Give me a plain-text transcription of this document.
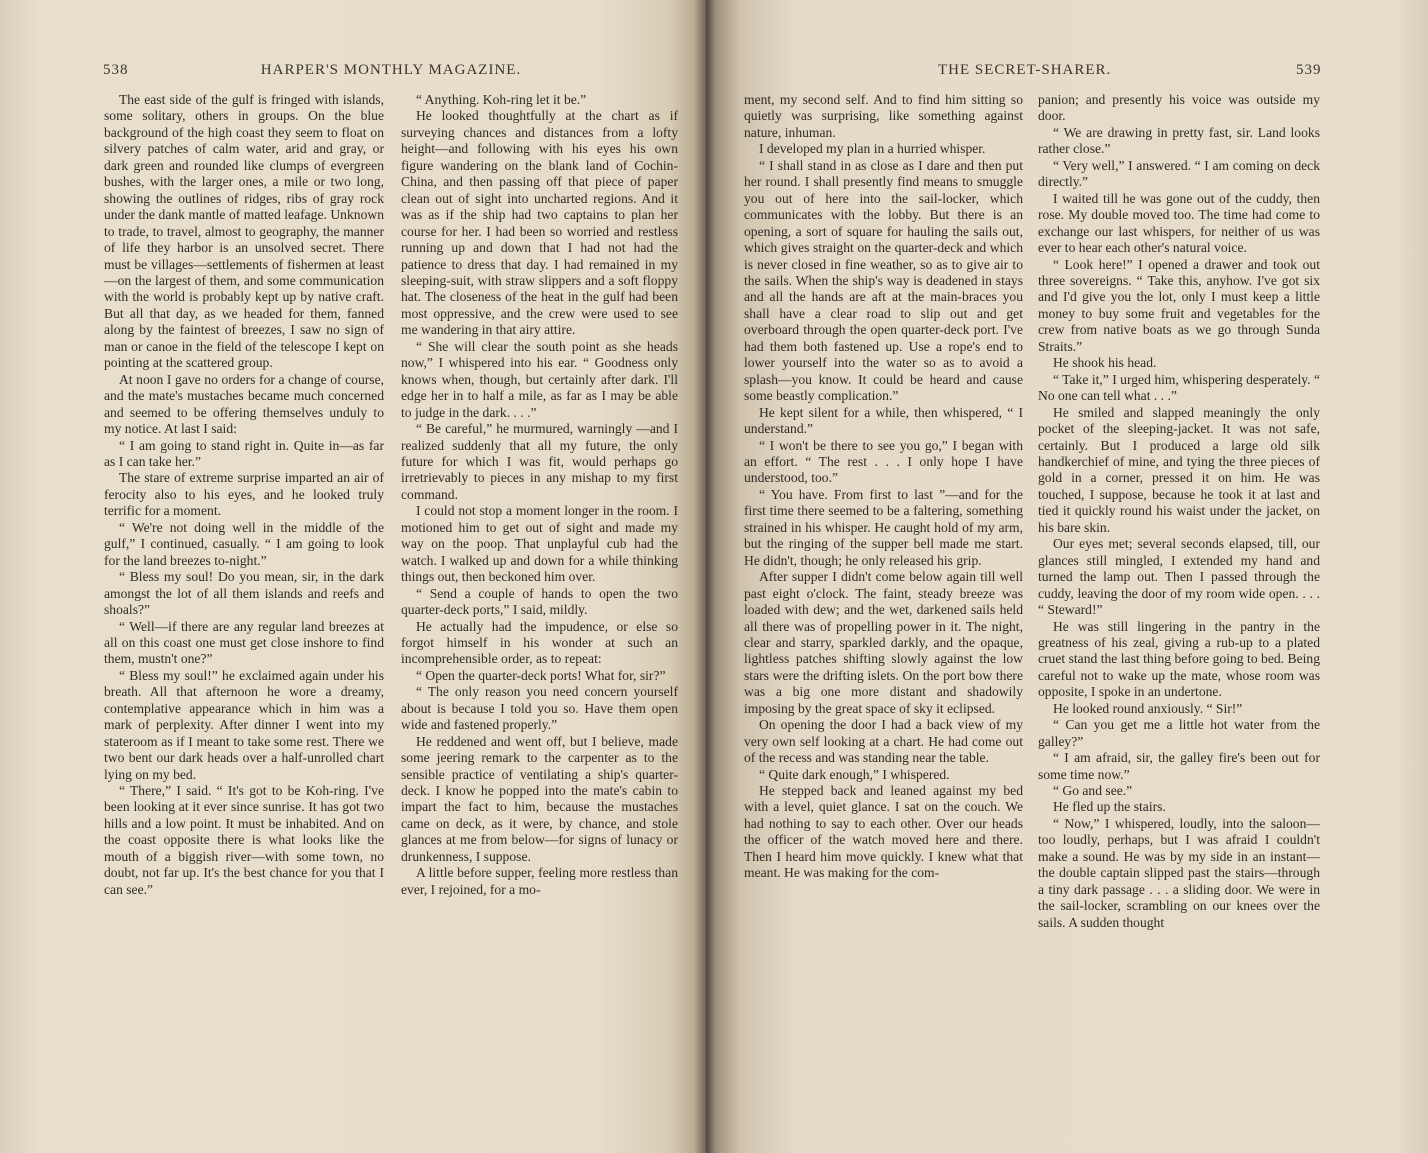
538	HARPER'S MONTHLY MAGAZINE.

The east side of the gulf is fringed with islands, some solitary, others in groups. On the blue background of the high coast they seem to float on silvery patches of calm water, arid and gray, or dark green and rounded like clumps of evergreen bushes, with the larger ones, a mile or two long, showing the outlines of ridges, ribs of gray rock under the dank mantle of matted leafage. Unknown to trade, to travel, almost to geography, the manner of life they harbor is an unsolved secret. There must be villages—settlements of fishermen at least—on the largest of them, and some communication with the world is probably kept up by native craft. But all that day, as we headed for them, fanned along by the faintest of breezes, I saw no sign of man or canoe in the field of the telescope I kept on pointing at the scattered group.

At noon I gave no orders for a change of course, and the mate's mustaches became much concerned and seemed to be offering themselves unduly to my notice. At last I said:

“ I am going to stand right in. Quite in—as far as I can take her.”

The stare of extreme surprise imparted an air of ferocity also to his eyes, and he looked truly terrific for a moment.

“ We're not doing well in the middle of the gulf,” I continued, casually. “ I am going to look for the land breezes to-night.”

“ Bless my soul! Do you mean, sir, in the dark amongst the lot of all them islands and reefs and shoals?”

“ Well—if there are any regular land breezes at all on this coast one must get close inshore to find them, mustn't one?”

“ Bless my soul!” he exclaimed again under his breath. All that afternoon he wore a dreamy, contemplative appearance which in him was a mark of perplexity. After dinner I went into my stateroom as if I meant to take some rest. There we two bent our dark heads over a half-unrolled chart lying on my bed.

“ There,” I said. “ It's got to be Koh-ring. I've been looking at it ever since sunrise. It has got two hills and a low point. It must be inhabited. And on the coast opposite there is what looks like the mouth of a biggish river—with some town, no doubt, not far up. It's the best chance for you that I can see.”

“ Anything. Koh-ring let it be.”

He looked thoughtfully at the chart as if surveying chances and distances from a lofty height—and following with his eyes his own figure wandering on the blank land of Cochin-China, and then passing off that piece of paper clean out of sight into uncharted regions. And it was as if the ship had two captains to plan her course for her. I had been so worried and restless running up and down that I had not had the patience to dress that day. I had remained in my sleeping-suit, with straw slippers and a soft floppy hat. The closeness of the heat in the gulf had been most oppressive, and the crew were used to see me wandering in that airy attire.

“ She will clear the south point as she heads now,” I whispered into his ear. “ Goodness only knows when, though, but certainly after dark. I'll edge her in to half a mile, as far as I may be able to judge in the dark. . . .”

“ Be careful,” he murmured, warningly —and I realized suddenly that all my future, the only future for which I was fit, would perhaps go irretrievably to pieces in any mishap to my first command.

I could not stop a moment longer in the room. I motioned him to get out of sight and made my way on the poop. That unplayful cub had the watch. I walked up and down for a while thinking things out, then beckoned him over.

“ Send a couple of hands to open the two quarter-deck ports,” I said, mildly.

He actually had the impudence, or else so forgot himself in his wonder at such an incomprehensible order, as to repeat:

“ Open the quarter-deck ports! What for, sir?”

“ The only reason you need concern yourself about is because I told you so. Have them open wide and fastened properly.”

He reddened and went off, but I believe, made some jeering remark to the carpenter as to the sensible practice of ventilating a ship's quarter-deck. I know he popped into the mate's cabin to impart the fact to him, because the mustaches came on deck, as it were, by chance, and stole glances at me from below—for signs of lunacy or drunkenness, I suppose.

A little before supper, feeling more restless than ever, I rejoined, for a mo-

THE SECRET-SHARER.	539

ment, my second self. And to find him sitting so quietly was surprising, like something against nature, inhuman.

I developed my plan in a hurried whisper.

“ I shall stand in as close as I dare and then put her round. I shall presently find means to smuggle you out of here into the sail-locker, which communicates with the lobby. But there is an opening, a sort of square for hauling the sails out, which gives straight on the quarter-deck and which is never closed in fine weather, so as to give air to the sails. When the ship's way is deadened in stays and all the hands are aft at the main-braces you shall have a clear road to slip out and get overboard through the open quarter-deck port. I've had them both fastened up. Use a rope's end to lower yourself into the water so as to avoid a splash—you know. It could be heard and cause some beastly complication.”

He kept silent for a while, then whispered, “ I understand.”

“ I won't be there to see you go,” I began with an effort. “ The rest . . . I only hope I have understood, too.”

“ You have. From first to last ”—and for the first time there seemed to be a faltering, something strained in his whisper. He caught hold of my arm, but the ringing of the supper bell made me start. He didn't, though; he only released his grip.

After supper I didn't come below again till well past eight o'clock. The faint, steady breeze was loaded with dew; and the wet, darkened sails held all there was of propelling power in it. The night, clear and starry, sparkled darkly, and the opaque, lightless patches shifting slowly against the low stars were the drifting islets. On the port bow there was a big one more distant and shadowily imposing by the great space of sky it eclipsed.

On opening the door I had a back view of my very own self looking at a chart. He had come out of the recess and was standing near the table.

“ Quite dark enough,” I whispered.

He stepped back and leaned against my bed with a level, quiet glance. I sat on the couch. We had nothing to say to each other. Over our heads the officer of the watch moved here and there. Then I heard him move quickly. I knew what that meant. He was making for the com-

panion; and presently his voice was outside my door.

“ We are drawing in pretty fast, sir. Land looks rather close.”

“ Very well,” I answered. “ I am coming on deck directly.”

I waited till he was gone out of the cuddy, then rose. My double moved too. The time had come to exchange our last whispers, for neither of us was ever to hear each other's natural voice.

“ Look here!” I opened a drawer and took out three sovereigns. “ Take this, anyhow. I've got six and I'd give you the lot, only I must keep a little money to buy some fruit and vegetables for the crew from native boats as we go through Sunda Straits.”

He shook his head.

“ Take it,” I urged him, whispering desperately. “ No one can tell what . . .”

He smiled and slapped meaningly the only pocket of the sleeping-jacket. It was not safe, certainly. But I produced a large old silk handkerchief of mine, and tying the three pieces of gold in a corner, pressed it on him. He was touched, I suppose, because he took it at last and tied it quickly round his waist under the jacket, on his bare skin.

Our eyes met; several seconds elapsed, till, our glances still mingled, I extended my hand and turned the lamp out. Then I passed through the cuddy, leaving the door of my room wide open. . . . “ Steward!”

He was still lingering in the pantry in the greatness of his zeal, giving a rub-up to a plated cruet stand the last thing before going to bed. Being careful not to wake up the mate, whose room was opposite, I spoke in an undertone.

He looked round anxiously. “ Sir!”

“ Can you get me a little hot water from the galley?”

“ I am afraid, sir, the galley fire's been out for some time now.”

“ Go and see.”

He fled up the stairs.

“ Now,” I whispered, loudly, into the saloon—too loudly, perhaps, but I was afraid I couldn't make a sound. He was by my side in an instant—the double captain slipped past the stairs—through a tiny dark passage . . . a sliding door. We were in the sail-locker, scrambling on our knees over the sails. A sudden thought
